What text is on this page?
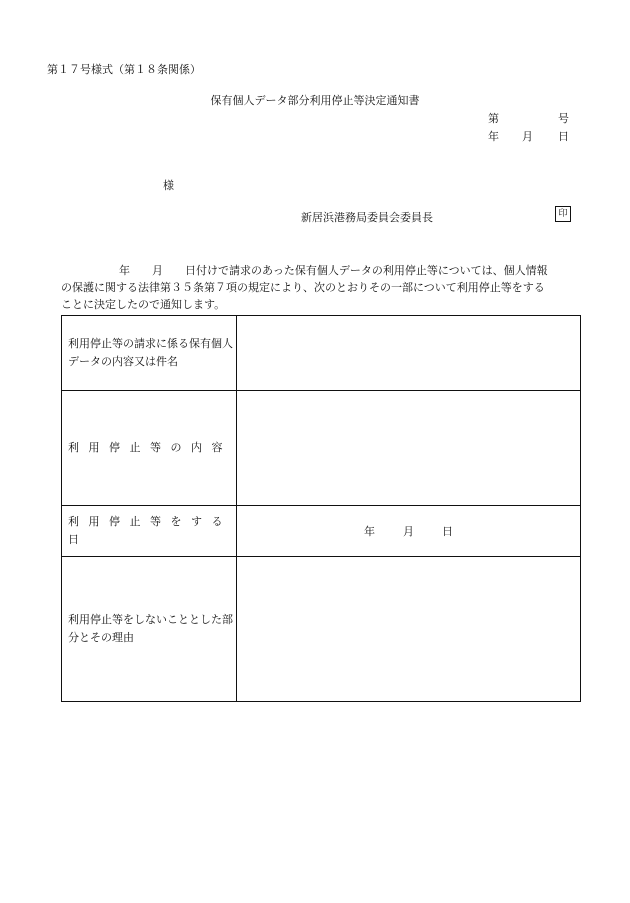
第１７号様式（第１８条関係）
保有個人データ部分利用停止等決定通知書
第	号
年 月 日
様
新居浜港務局委員会委員長	印
年 月 日付けで請求のあった保有個人データの利用停止等については、個人情報
の保護に関する法律第３５条第７項の規定により、次のとおりその一部について利用停止等をする
ことに決定したので通知します。
利用停止等の請求に係る保有個人データの内容又は件名	
利用停止等の内容	
利用停止等をする日	年 月 日
利用停止等をしないこととした部分とその理由	
